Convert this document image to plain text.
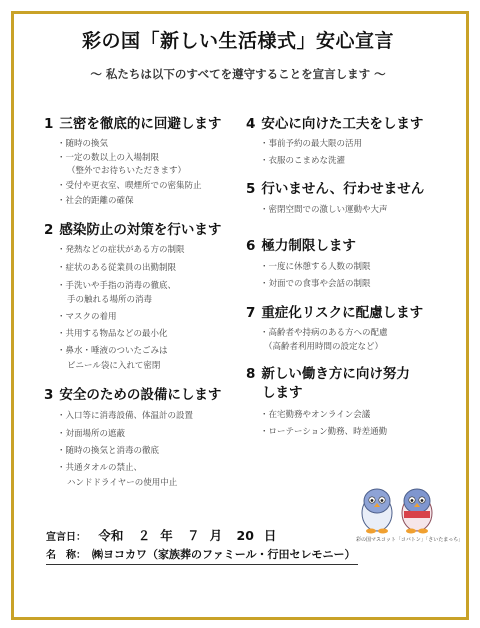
彩の国「新しい生活様式」安心宣言
～ 私たちは以下のすべてを遵守することを宣言します ～
1 三密を徹底的に回避します
・随時の換気
・一定の数以上の入場制限
（整外でお待ちいただきます）
・受付や更衣室、喫煙所での密集防止
・社会的距離の確保
2 感染防止の対策を行います
・発熱などの症状がある方の制限
・症状のある従業員の出勤制限
・手洗いや手指の消毒の徹底、
手の触れる場所の消毒
・マスクの着用
・共用する物品などの最小化
・鼻水・唾液のついたごみは
ビニール袋に入れて密閉
3 安全のための設備にします
・入口等に消毒設備、体温計の設置
・対面場所の遮蔽
・随時の換気と消毒の徹底
・共通タオルの禁止、
ハンドドライヤーの使用中止
4 安心に向けた工夫をします
・事前予約の最大限の活用
・衣服のこまめな洗濯
5 行いません、行わせません
・密閉空間での激しい運動や大声
6 極力制限します
・一度に休憩する人数の制限
・対面での食事や会話の制限
7 重症化リスクに配慮します
・高齢者や持病のある方への配慮
（高齢者利用時間の設定など）
8 新しい働き方に向け努力
します
・在宅勤務やオンライン会議
・ローテーション勤務、時差通勤
彩の国マスコット「コバトン」「さいたまっち」
宣言日： 令和 ２ 年 ７ 月 20 日
名　称： ㈱ヨコカワ（家族葬のファミール・行田セレモニー）
